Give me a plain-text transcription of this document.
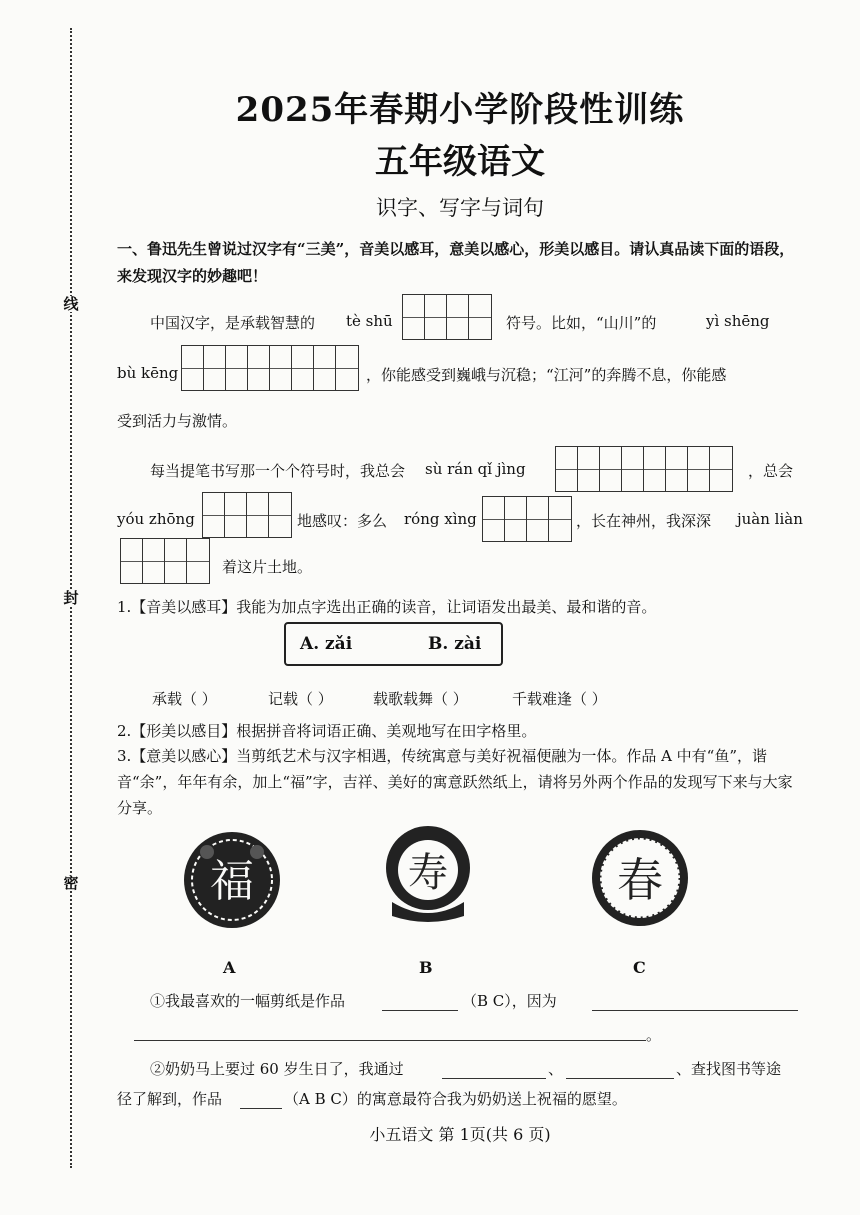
线
封
密
2025年春期小学阶段性训练
五年级语文
识字、写字与词句
一、鲁迅先生曾说过汉字有“三美”，音美以感耳，意美以感心，形美以感目。请认真品读下面的语段，来发现汉字的妙趣吧！
中国汉字，是承载智慧的 tè shū	符号。比如，“山川”的	yì shēng
bù kēng	，你能感受到巍峨与沉稳；“江河”的奔腾不息，你能感
受到活力与激情。
每当提笔书写那一个个符号时，我总会 sù rán qǐ jìng	，总会
yóu zhōng	地感叹：多么 róng xìng	，长在神州，我深深 juàn liàn
着这片土地。
1.【音美以感耳】我能为加点字选出正确的读音，让词语发出最美、最和谐的音。
A. zǎi	B. zài
承载（ ）	记载（ ）	载歌载舞（ ）	千载难逢（ ）
2.【形美以感目】根据拼音将词语正确、美观地写在田字格里。
3.【意美以感心】当剪纸艺术与汉字相遇，传统寓意与美好祝福便融为一体。作品 A 中有“鱼”，谐音“余”，年年有余，加上“福”字，吉祥、美好的寓意跃然纸上，请将另外两个作品的发现写下来与大家分享。
福	寿	春
A	B	C
①我最喜欢的一幅剪纸是作品	（B C），因为
。
②奶奶马上要过 60 岁生日了，我通过	、	、查找图书等途
径了解到，作品	（A B C）的寓意最符合我为奶奶送上祝福的愿望。
小五语文 第 1页(共 6 页)
